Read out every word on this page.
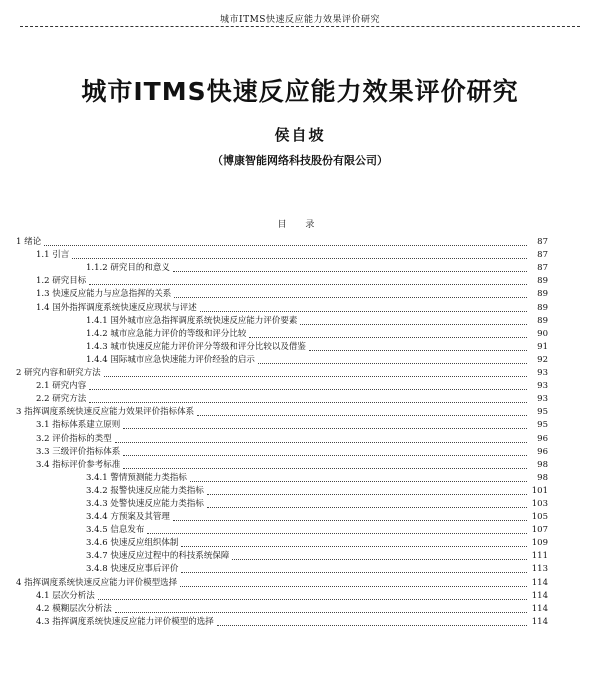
城市ITMS快速反应能力效果评价研究
城市ITMS快速反应能力效果评价研究
侯自坡
（博康智能网络科技股份有限公司）
目 录
1 绪论	87
1.1 引言	87
1.1.2 研究目的和意义	87
1.2 研究目标	89
1.3 快速反应能力与应急指挥的关系	89
1.4 国外指挥调度系统快速反应现状与评述	89
1.4.1 国外城市应急指挥调度系统快速反应能力评价要素	89
1.4.2 城市应急能力评价的等级和评分比较	90
1.4.3 城市快速反应能力评价评分等级和评分比较以及借鉴	91
1.4.4 国际城市应急快速能力评价经验的启示	92
2 研究内容和研究方法	93
2.1 研究内容	93
2.2 研究方法	93
3 指挥调度系统快速反应能力效果评价指标体系	95
3.1 指标体系建立原则	95
3.2 评价指标的类型	96
3.3 三级评价指标体系	96
3.4 指标评价参考标准	98
3.4.1 警情预测能力类指标	98
3.4.2 报警快速反应能力类指标	101
3.4.3 处警快速反应能力类指标	103
3.4.4 方预案及其管理	105
3.4.5 信息发布	107
3.4.6 快速反应组织体制	109
3.4.7 快速反应过程中的科技系统保障	111
3.4.8 快速反应事后评价	113
4 指挥调度系统快速反应能力评价模型选择	114
4.1 层次分析法	114
4.2 模糊层次分析法	114
4.3 指挥调度系统快速反应能力评价模型的选择	114
